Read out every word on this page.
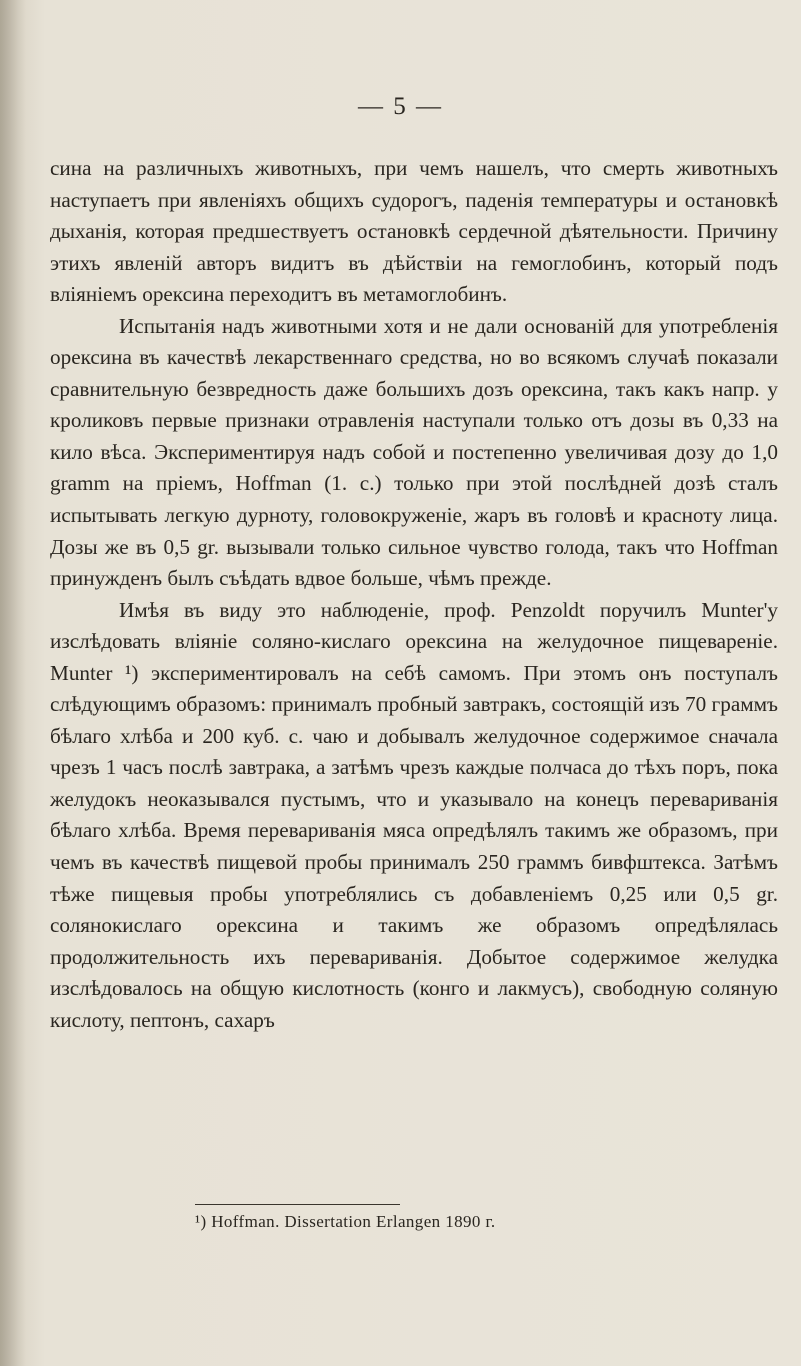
— 5 —

сина на различныхъ животныхъ, при чемъ нашелъ, что смерть животныхъ наступаетъ при явленіяхъ общихъ судорогъ, паденія температуры и остановкѣ дыханія, которая предшествуетъ остановкѣ сердечной дѣятельности. Причину этихъ явленій авторъ видитъ въ дѣйствіи на гемоглобинъ, который подъ вліяніемъ орексина переходитъ въ метамоглобинъ.

Испытанія надъ животными хотя и не дали основаній для употребленія орексина въ качествѣ лекарственнаго средства, но во всякомъ случаѣ показали сравнительную безвредность даже большихъ дозъ орексина, такъ какъ напр. у кроликовъ первые признаки отравленія наступали только отъ дозы въ 0,33 на кило вѣса. Экспериментируя надъ собой и постепенно увеличивая дозу до 1,0 gramm на пріемъ, Hoffman (1. c.) только при этой послѣдней дозѣ сталъ испытывать легкую дурноту, головокруженіе, жаръ въ головѣ и красноту лица. Дозы же въ 0,5 gr. вызывали только сильное чувство голода, такъ что Hoffman принужденъ былъ съѣдать вдвое больше, чѣмъ прежде.

Имѣя въ виду это наблюденіе, проф. Penzoldt поручилъ Munter'у изслѣдовать вліяніе соляно-кислаго орексина на желудочное пищевареніе. Munter ¹) экспериментировалъ на себѣ самомъ. При этомъ онъ поступалъ слѣдующимъ образомъ: принималъ пробный завтракъ, состоящій изъ 70 граммъ бѣлаго хлѣба и 200 куб. с. чаю и добывалъ желудочное содержимое сначала чрезъ 1 часъ послѣ завтрака, а затѣмъ чрезъ каждые полчаса до тѣхъ поръ, пока желудокъ неоказывался пустымъ, что и указывало на конецъ перевариванія бѣлаго хлѣба. Время перевариванія мяса опредѣлялъ такимъ же образомъ, при чемъ въ качествѣ пищевой пробы принималъ 250 граммъ бивфштекса. Затѣмъ тѣже пищевыя пробы употреблялись съ добавленіемъ 0,25 или 0,5 gr. солянокислаго орексина и такимъ же образомъ опредѣлялась продолжительность ихъ перевариванія. Добытое содержимое желудка изслѣдовалось на общую кислотность (конго и лакмусъ), свободную соляную кислоту, пептонъ, сахаръ

¹) Hoffman. Dissertation Erlangen 1890 г.
